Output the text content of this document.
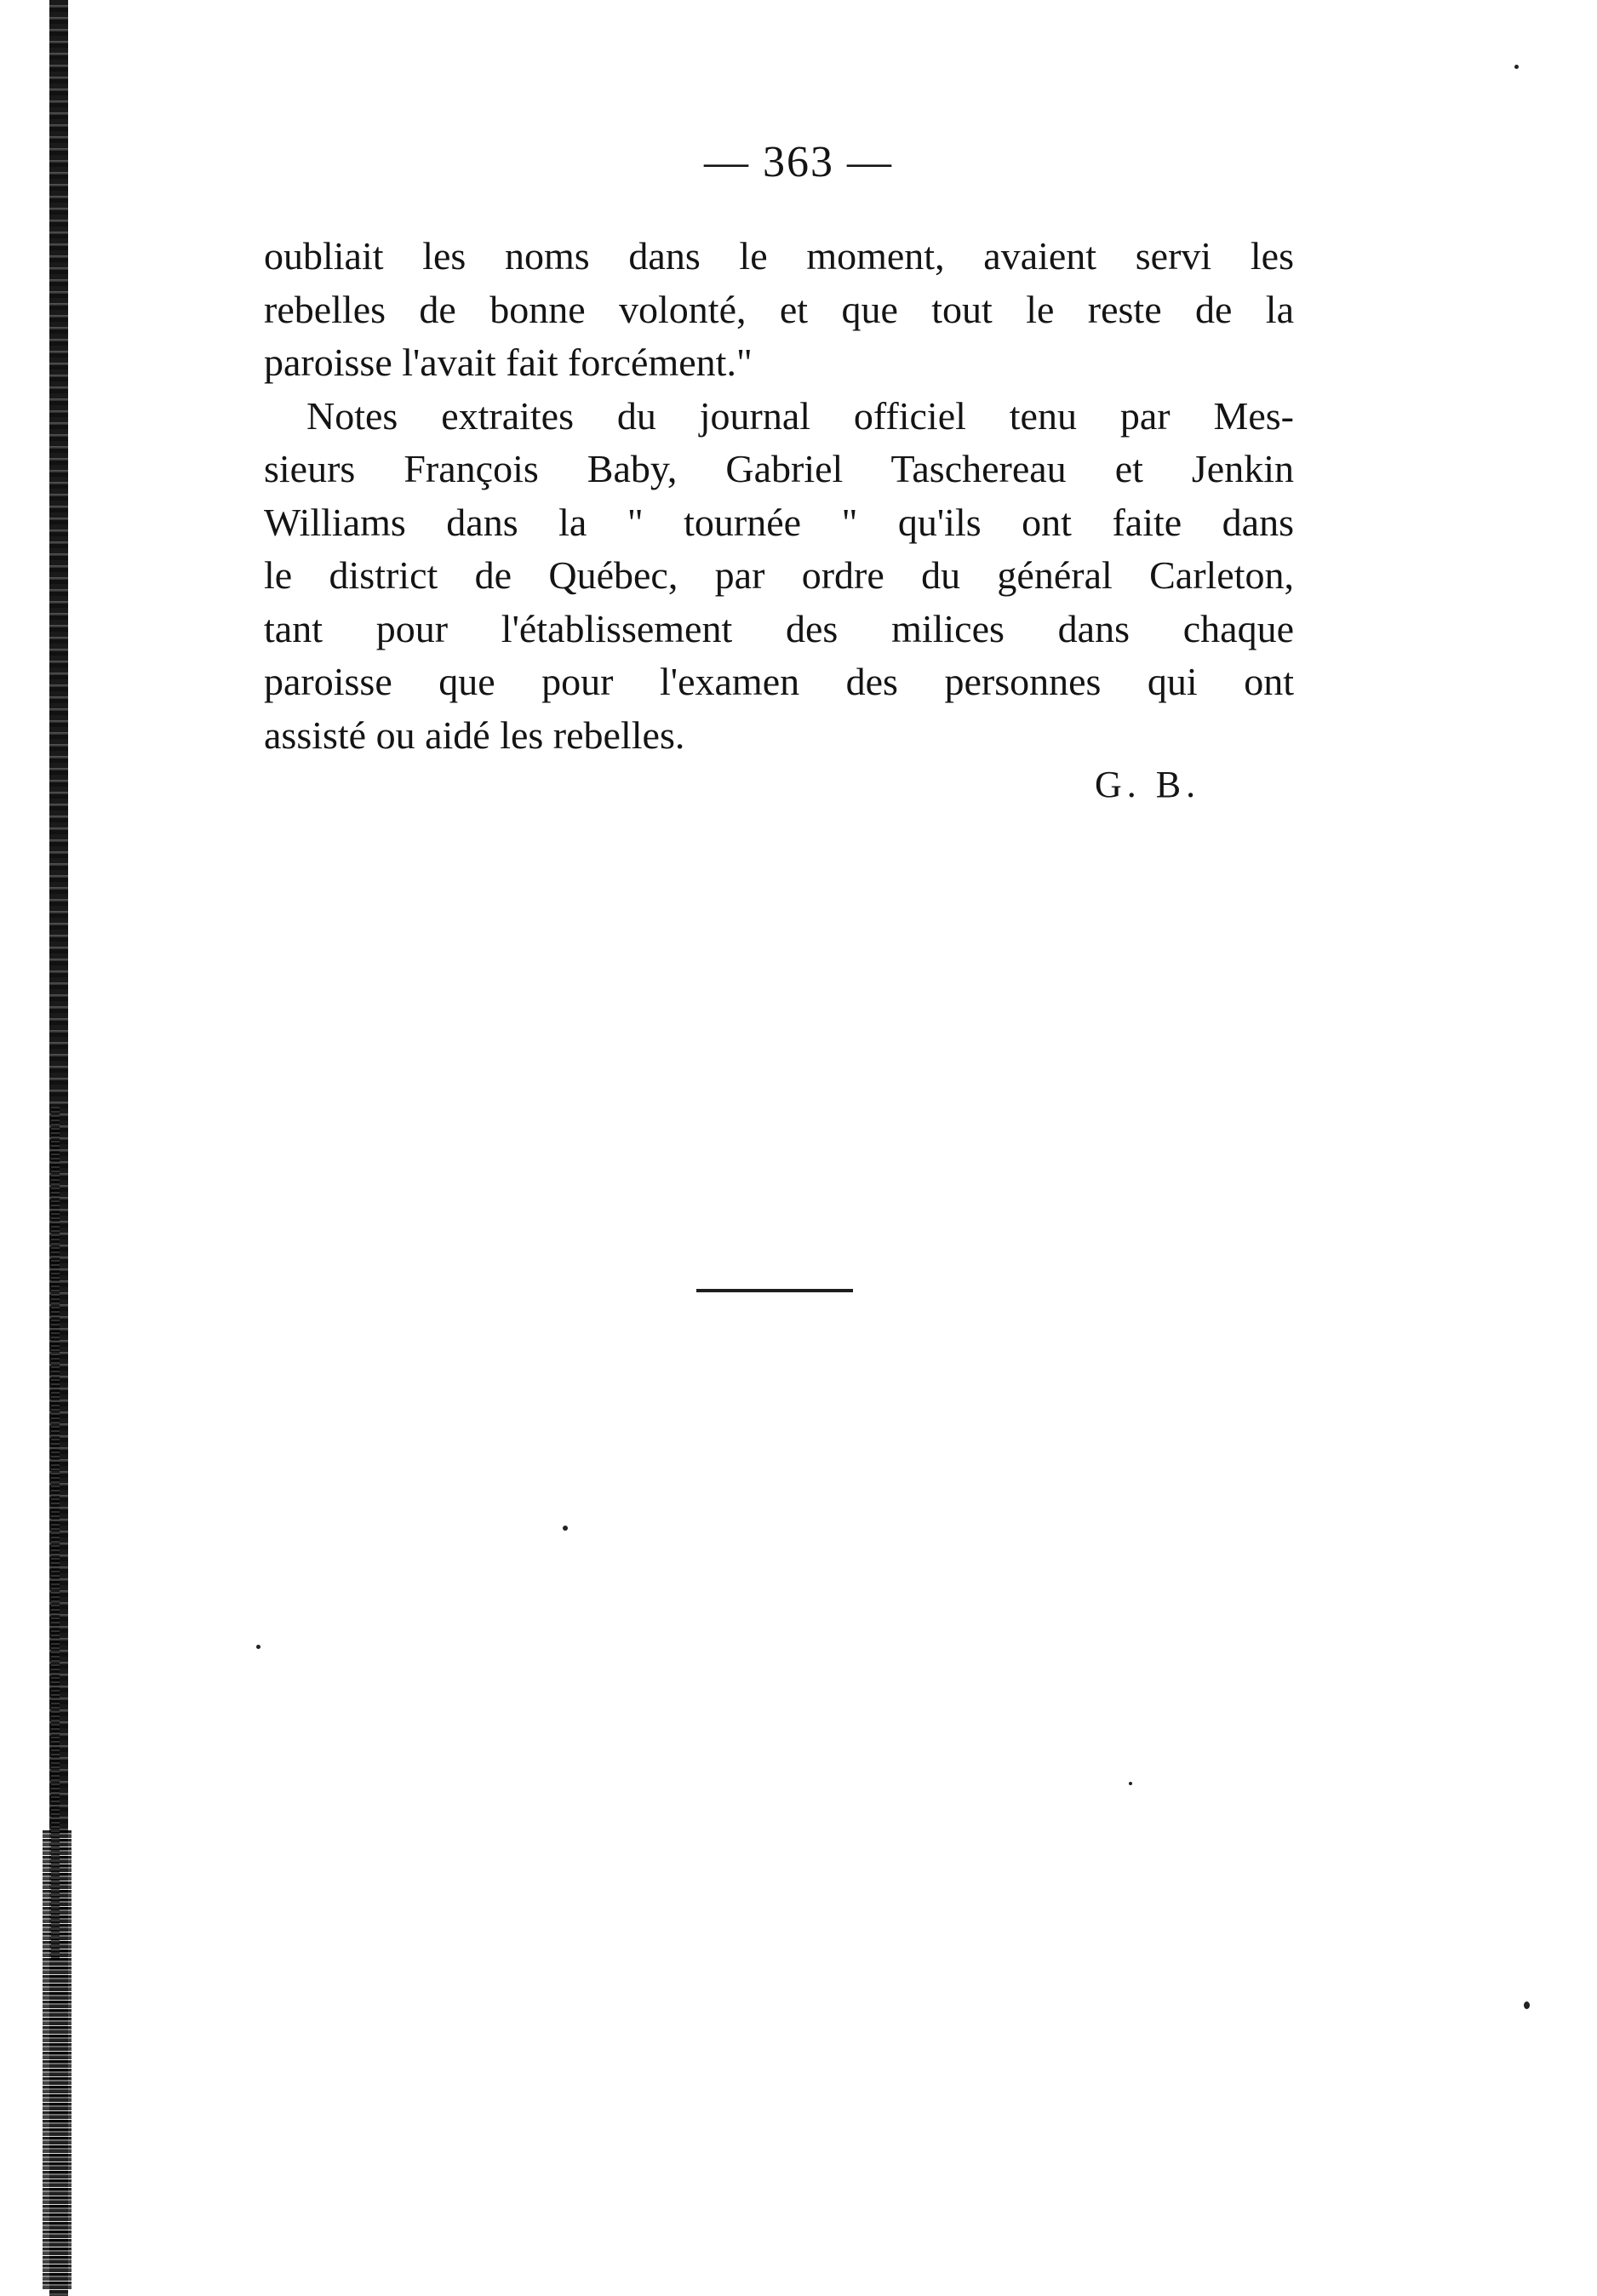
— 363 —
oubliait les noms dans le moment, avaient servi les
rebelles de bonne volonté, et que tout le reste de la
paroisse l'avait fait forcément."
Notes extraites du journal officiel tenu par Mes-
sieurs François Baby, Gabriel Taschereau et Jenkin
Williams dans la " tournée " qu'ils ont faite dans
le district de Québec, par ordre du général Carleton,
tant pour l'établissement des milices dans chaque
paroisse que pour l'examen des personnes qui ont
assisté ou aidé les rebelles.
G. B.
